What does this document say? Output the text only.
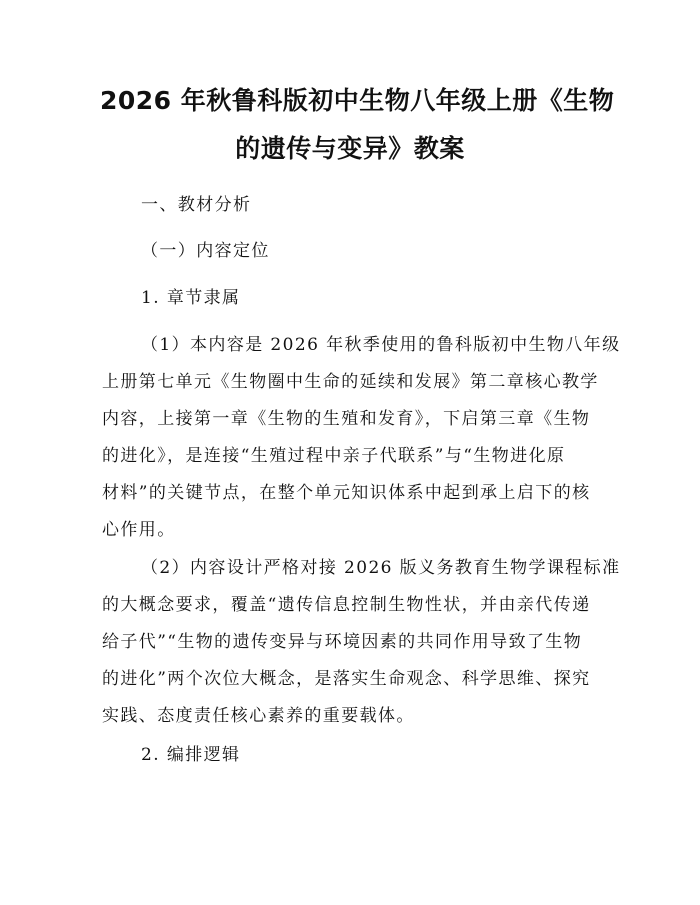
2026 年秋鲁科版初中生物八年级上册《生物
的遗传与变异》教案
一、教材分析
（一）内容定位
1. 章节隶属
（1）本内容是 2026 年秋季使用的鲁科版初中生物八年级
上册第七单元《生物圈中生命的延续和发展》第二章核心教学
内容，上接第一章《生物的生殖和发育》，下启第三章《生物
的进化》，是连接“生殖过程中亲子代联系”与“生物进化原
材料”的关键节点，在整个单元知识体系中起到承上启下的核
心作用。
（2）内容设计严格对接 2026 版义务教育生物学课程标准
的大概念要求，覆盖“遗传信息控制生物性状，并由亲代传递
给子代”“生物的遗传变异与环境因素的共同作用导致了生物
的进化”两个次位大概念，是落实生命观念、科学思维、探究
实践、态度责任核心素养的重要载体。
2. 编排逻辑
